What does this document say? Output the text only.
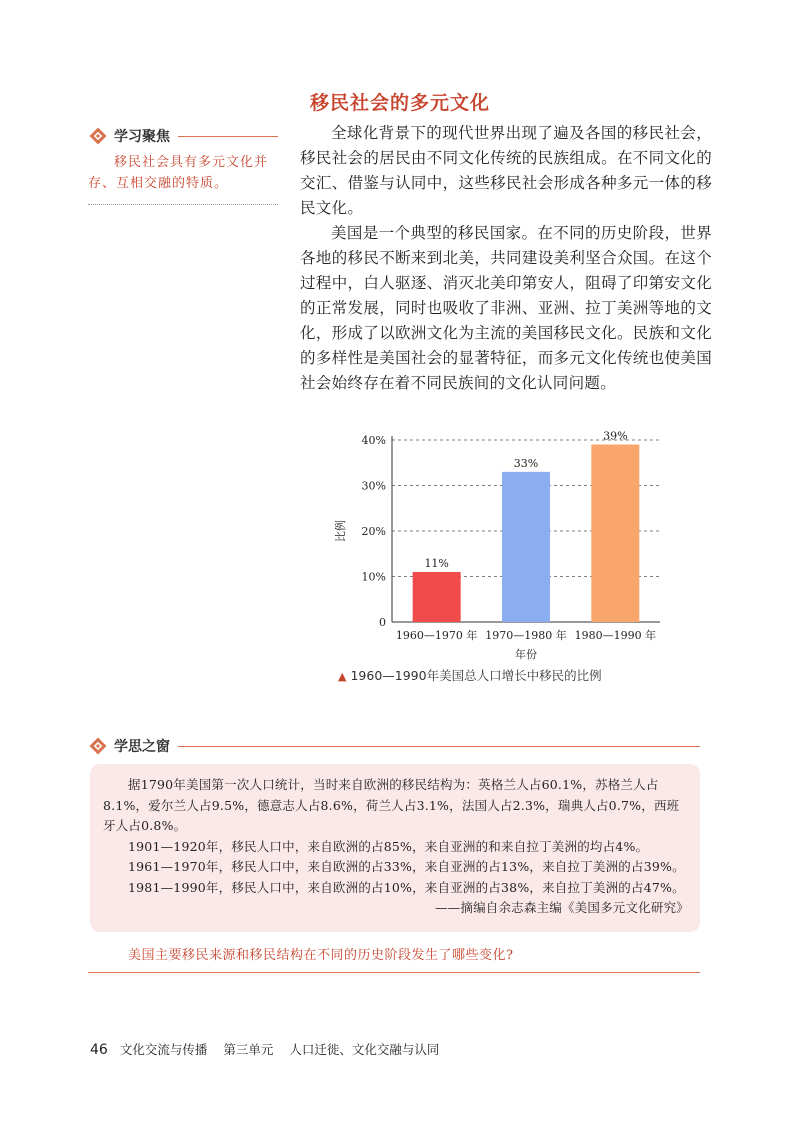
移民社会的多元文化
学习聚焦
移民社会具有多元文化并存、互相交融的特质。

全球化背景下的现代世界出现了遍及各国的移民社会，移民社会的居民由不同文化传统的民族组成。在不同文化的交汇、借鉴与认同中，这些移民社会形成各种多元一体的移民文化。

美国是一个典型的移民国家。在不同的历史阶段，世界各地的移民不断来到北美，共同建设美利坚合众国。在这个过程中，白人驱逐、消灭北美印第安人，阻碍了印第安文化的正常发展，同时也吸收了非洲、亚洲、拉丁美洲等地的文化，形成了以欧洲文化为主流的美国移民文化。民族和文化的多样性是美国社会的显著特征，而多元文化传统也使美国社会始终存在着不同民族间的文化认同问题。

0
10%
20%
30%
40%
11%
1960—1970 年
33%
1970—1980 年
39%
1980—1990 年
年份
比例
▲ 1960—1990年美国总人口增长中移民的比例
学思之窗

据1790年美国第一次人口统计，当时来自欧洲的移民结构为：英格兰人占60.1%，苏格兰人占8.1%，爱尔兰人占9.5%，德意志人占8.6%，荷兰人占3.1%，法国人占2.3%，瑞典人占0.7%，西班牙人占0.8%。

1901—1920年，移民人口中，来自欧洲的占85%，来自亚洲的和来自拉丁美洲的均占4%。

1961—1970年，移民人口中，来自欧洲的占33%，来自亚洲的占13%，来自拉丁美洲的占39%。

1981—1990年，移民人口中，来自欧洲的占10%，来自亚洲的占38%，来自拉丁美洲的占47%。

——摘编自余志森主编《美国多元文化研究》

美国主要移民来源和移民结构在不同的历史阶段发生了哪些变化?
46 文化交流与传播 第三单元 人口迁徙、文化交融与认同
